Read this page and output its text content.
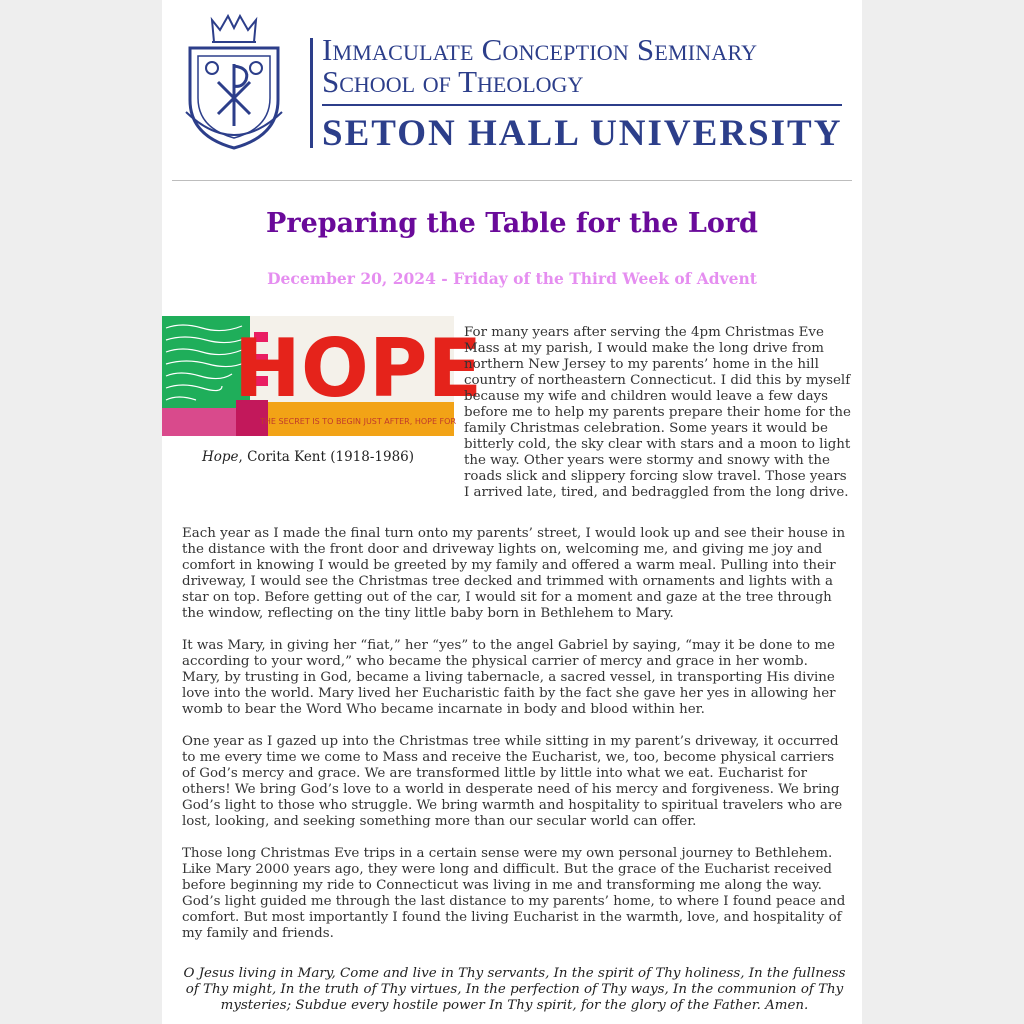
Immaculate Conception Seminary
School of Theology
SETON HALL UNIVERSITY
Preparing the Table for the Lord
December 20, 2024 - Friday of the Third Week of Advent
THE SECRET IS TO BEGIN JUST AFTER, HOPE FOR
HOPE
Hope, Corita Kent (1918-1986)

For many years after serving the 4pm Christmas Eve Mass at my parish, I would make the long drive from northern New Jersey to my parents’ home in the hill country of northeastern Connecticut. I did this by myself because my wife and children would leave a few days before me to help my parents prepare their home for the family Christmas celebration. Some years it would be bitterly cold, the sky clear with stars and a moon to light the way. Other years were stormy and snowy with the roads slick and slippery forcing slow travel. Those years I arrived late, tired, and bedraggled from the long drive.

Each year as I made the final turn onto my parents’ street, I would look up and see their house in the distance with the front door and driveway lights on, welcoming me, and giving me joy and comfort in knowing I would be greeted by my family and offered a warm meal. Pulling into their driveway, I would see the Christmas tree decked and trimmed with ornaments and lights with a star on top. Before getting out of the car, I would sit for a moment and gaze at the tree through the window, reflecting on the tiny little baby born in Bethlehem to Mary.

It was Mary, in giving her “fiat,” her “yes” to the angel Gabriel by saying, “may it be done to me according to your word,” who became the physical carrier of mercy and grace in her womb. Mary, by trusting in God, became a living tabernacle, a sacred vessel, in transporting His divine love into the world. Mary lived her Eucharistic faith by the fact she gave her yes in allowing her womb to bear the Word Who became incarnate in body and blood within her.

One year as I gazed up into the Christmas tree while sitting in my parent’s driveway, it occurred to me every time we come to Mass and receive the Eucharist, we, too, become physical carriers of God’s mercy and grace. We are transformed little by little into what we eat. Eucharist for others! We bring God’s love to a world in desperate need of his mercy and forgiveness. We bring God’s light to those who struggle. We bring warmth and hospitality to spiritual travelers who are lost, looking, and seeking something more than our secular world can offer.

Those long Christmas Eve trips in a certain sense were my own personal journey to Bethlehem. Like Mary 2000 years ago, they were long and difficult. But the grace of the Eucharist received before beginning my ride to Connecticut was living in me and transforming me along the way. God’s light guided me through the last distance to my parents’ home, to where I found peace and comfort. But most importantly I found the living Eucharist in the warmth, love, and hospitality of my family and friends.

O Jesus living in Mary, Come and live in Thy servants, In the spirit of Thy holiness, In the fullness of Thy might, In the truth of Thy virtues, In the perfection of Thy ways, In the communion of Thy mysteries; Subdue every hostile power In Thy spirit, for the glory of the Father. Amen.
